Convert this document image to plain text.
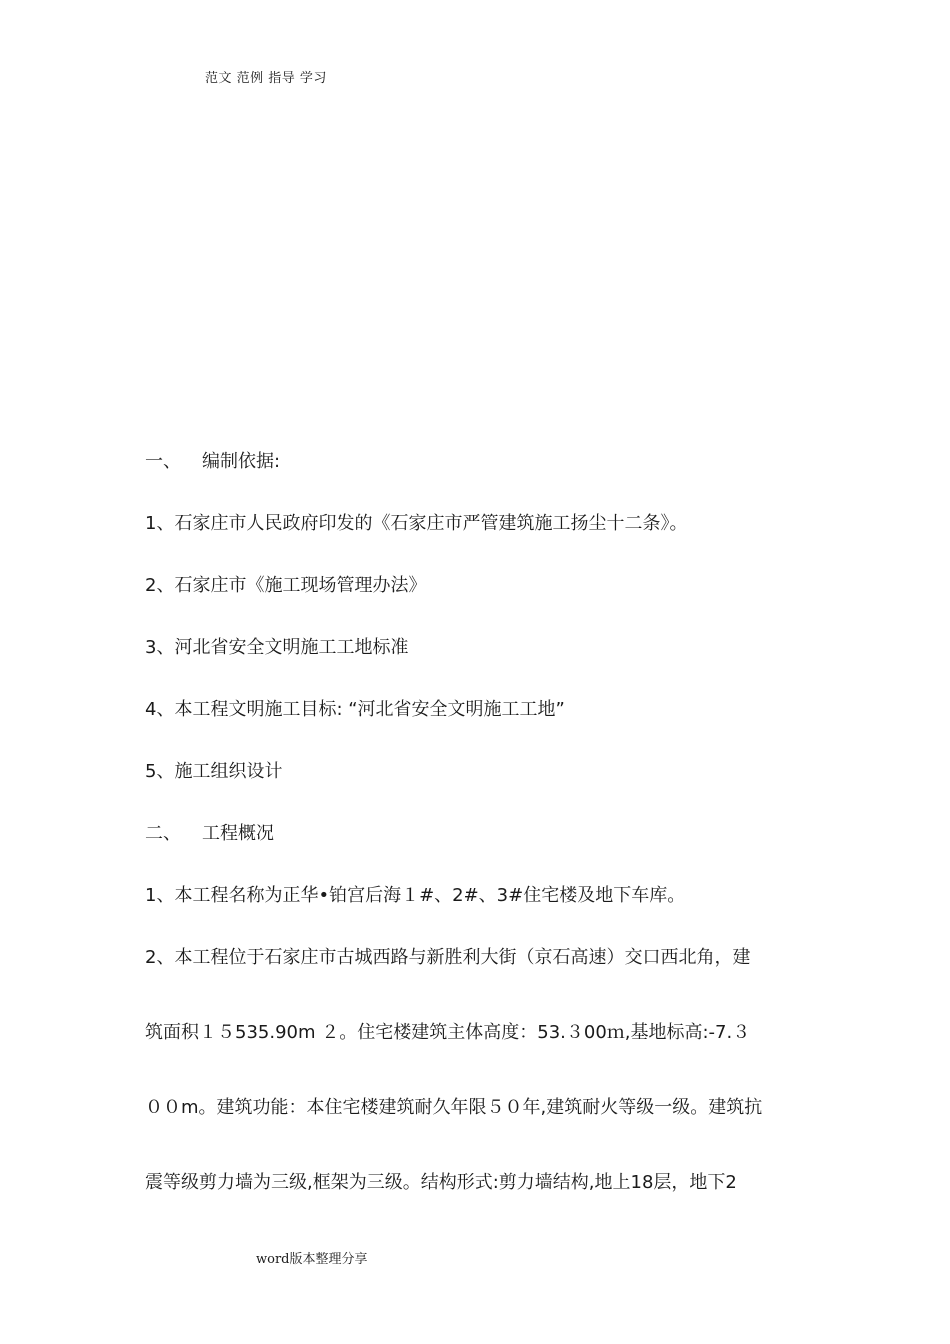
范文 范例 指导 学习
一、 编制依据:
1、石家庄市人民政府印发的《石家庄市严管建筑施工扬尘十二条》。
2、石家庄市《施工现场管理办法》
3、河北省安全文明施工工地标准
4、本工程文明施工目标: “河北省安全文明施工工地”
5、施工组织设计
二、 工程概况
1、本工程名称为正华•铂宫后海１#、2#、3#住宅楼及地下车库。
2、本工程位于石家庄市古城西路与新胜利大街（京石高速）交口西北角，建
筑面积１５535.90m ２。住宅楼建筑主体高度：53.３00ｍ,基地标高:-7.３
００m。建筑功能：本住宅楼建筑耐久年限５０年,建筑耐火等级一级。建筑抗
震等级剪力墙为三级,框架为三级。结构形式:剪力墙结构,地上18层，地下2
word版本整理分享
